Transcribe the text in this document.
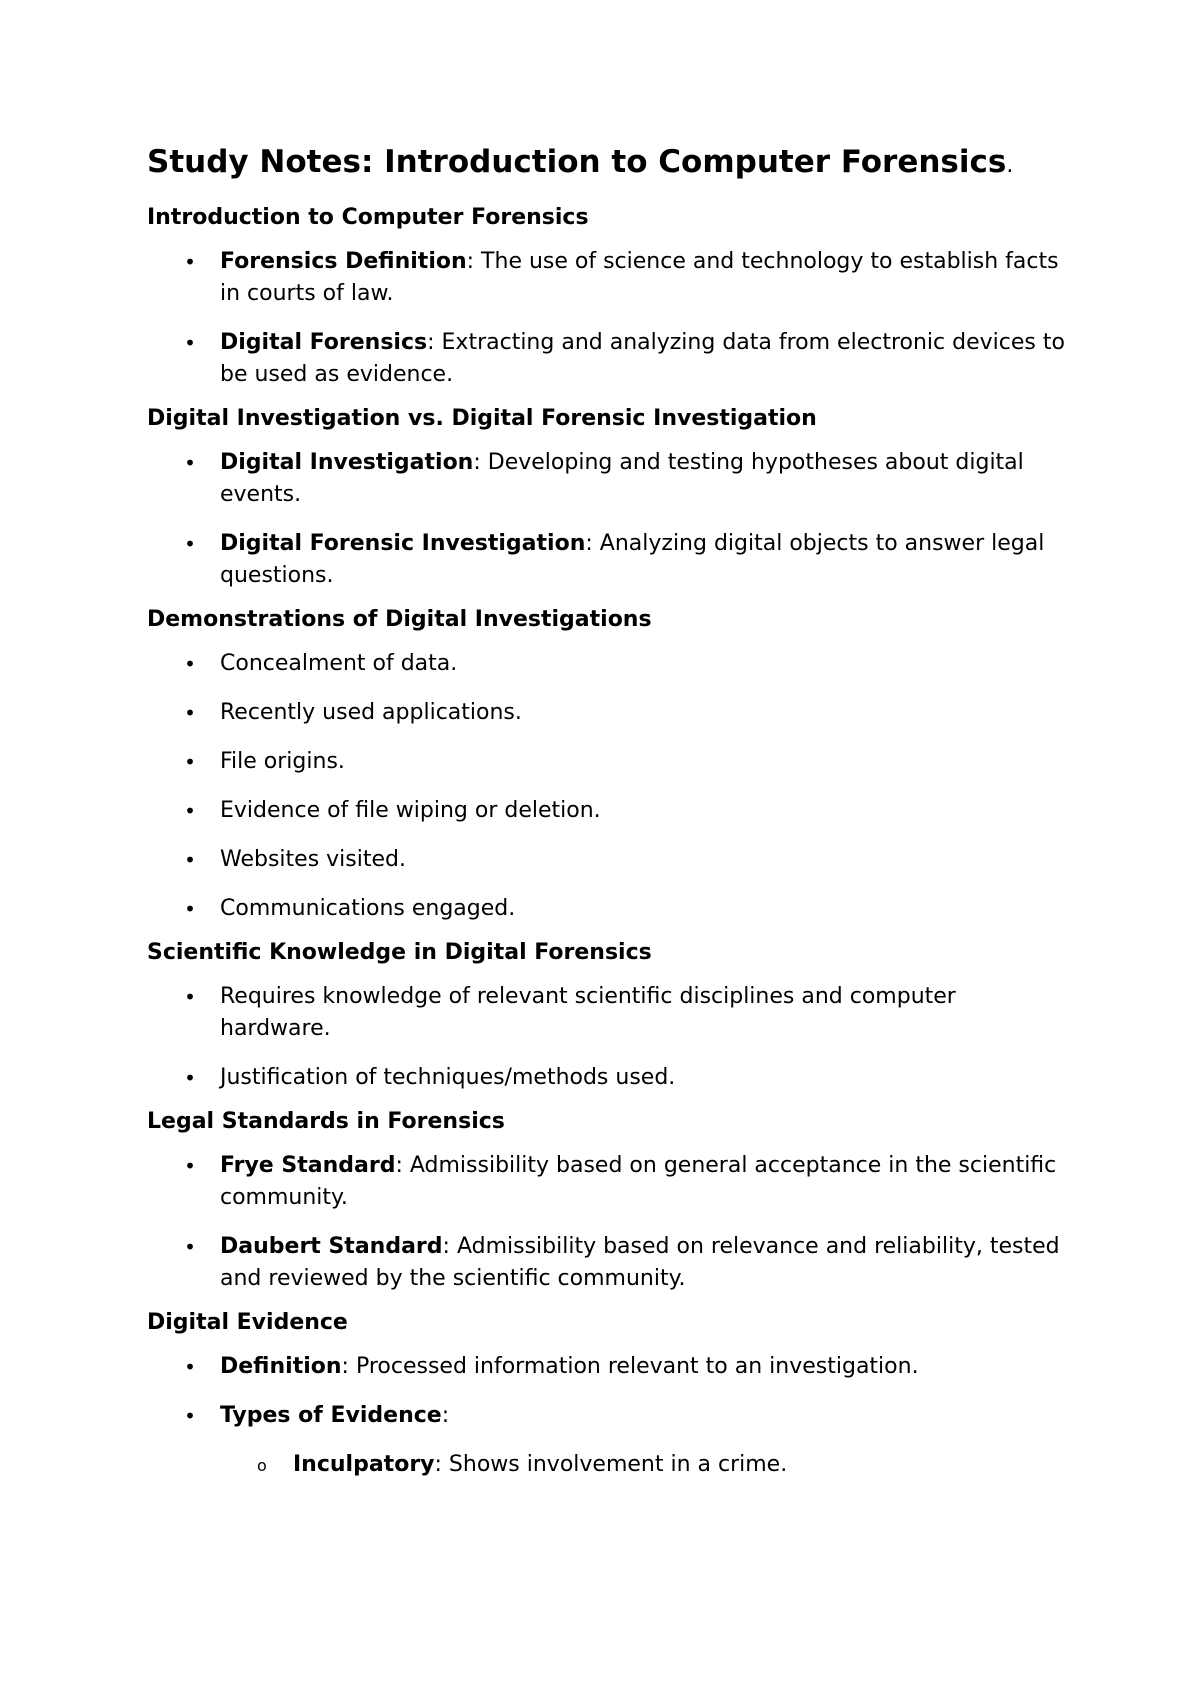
Study Notes: Introduction to Computer Forensics.
Introduction to Computer Forensics
• Forensics Definition: The use of science and technology to establish facts in courts of law.
• Digital Forensics: Extracting and analyzing data from electronic devices to be used as evidence.
Digital Investigation vs. Digital Forensic Investigation
• Digital Investigation: Developing and testing hypotheses about digital events.
• Digital Forensic Investigation: Analyzing digital objects to answer legal questions.
Demonstrations of Digital Investigations
• Concealment of data.
• Recently used applications.
• File origins.
• Evidence of file wiping or deletion.
• Websites visited.
• Communications engaged.
Scientific Knowledge in Digital Forensics
• Requires knowledge of relevant scientific disciplines and computer hardware.
• Justification of techniques/methods used.
Legal Standards in Forensics
• Frye Standard: Admissibility based on general acceptance in the scientific community.
• Daubert Standard: Admissibility based on relevance and reliability, tested and reviewed by the scientific community.
Digital Evidence
• Definition: Processed information relevant to an investigation.
• Types of Evidence:
o Inculpatory: Shows involvement in a crime.
